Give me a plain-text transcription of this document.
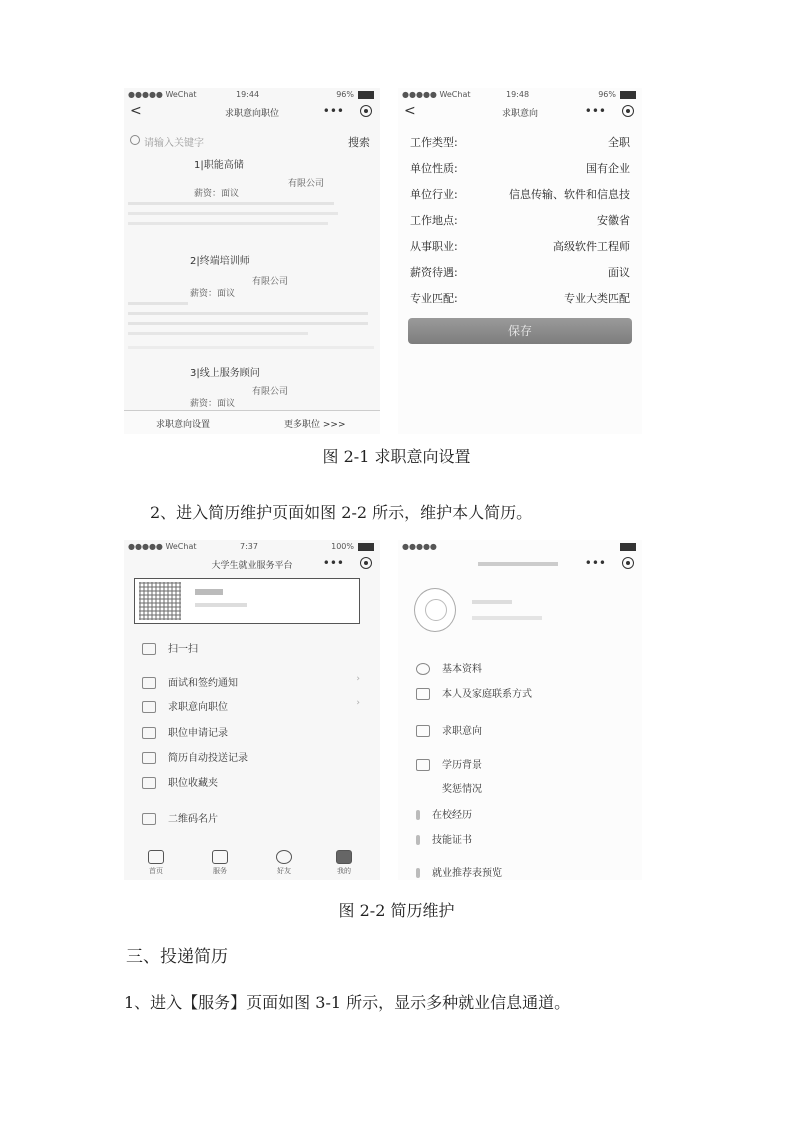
●●●●● WeChat	19:44	96%
<	求职意向职位	•••
请输入关键字	搜索
1|职能高储
有限公司
薪资：面议
2|终端培训师
有限公司
薪资：面议
3|线上服务顾问
有限公司
薪资：面议
求职意向设置	更多职位 >>>
●●●●● WeChat	19:48	96%
<	求职意向	•••
工作类型:	全职
单位性质:	国有企业
单位行业:	信息传输、软件和信息技
工作地点:	安徽省
从事职业:	高级软件工程师
薪资待遇:	面议
专业匹配:	专业大类匹配
保存
图 2-1 求职意向设置
2、进入简历维护页面如图 2-2 所示，维护本人简历。
●●●●● WeChat	7:37	100%
大学生就业服务平台	•••
扫一扫
面试和签约通知	›
求职意向职位	›
职位申请记录
简历自动投送记录
职位收藏夹
二维码名片
首页	服务	好友	我的
●●●●●
•••
基本资料
本人及家庭联系方式
求职意向
学历背景
奖惩情况
在校经历
技能证书
就业推荐表预览
图 2-2 简历维护
三、投递简历
1、进入【服务】页面如图 3-1 所示，显示多种就业信息通道。
